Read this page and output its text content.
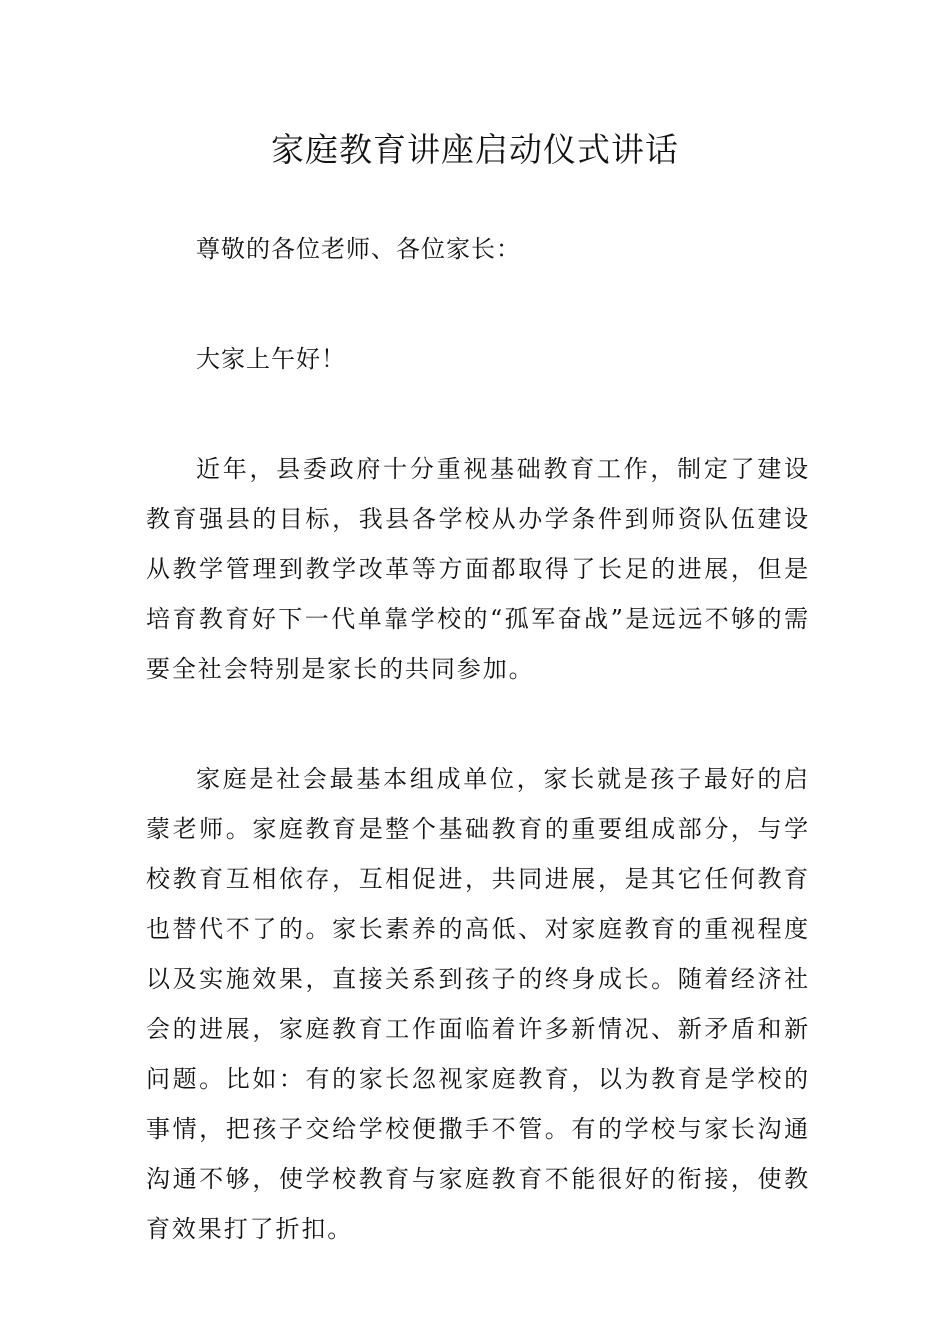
家庭教育讲座启动仪式讲话

尊敬的各位老师、各位家长：

大家上午好！

近年，县委政府十分重视基础教育工作，制定了建设教育强县的目标，我县各学校从办学条件到师资队伍建设从教学管理到教学改革等方面都取得了长足的进展，但是培育教育好下一代单靠学校的“孤军奋战”是远远不够的需要全社会特别是家长的共同参加。

家庭是社会最基本组成单位，家长就是孩子最好的启蒙老师。家庭教育是整个基础教育的重要组成部分，与学校教育互相依存，互相促进，共同进展，是其它任何教育也替代不了的。家长素养的高低、对家庭教育的重视程度以及实施效果，直接关系到孩子的终身成长。随着经济社会的进展，家庭教育工作面临着许多新情况、新矛盾和新问题。比如：有的家长忽视家庭教育，以为教育是学校的事情，把孩子交给学校便撒手不管。有的学校与家长沟通沟通不够，使学校教育与家庭教育不能很好的衔接，使教育效果打了折扣。
